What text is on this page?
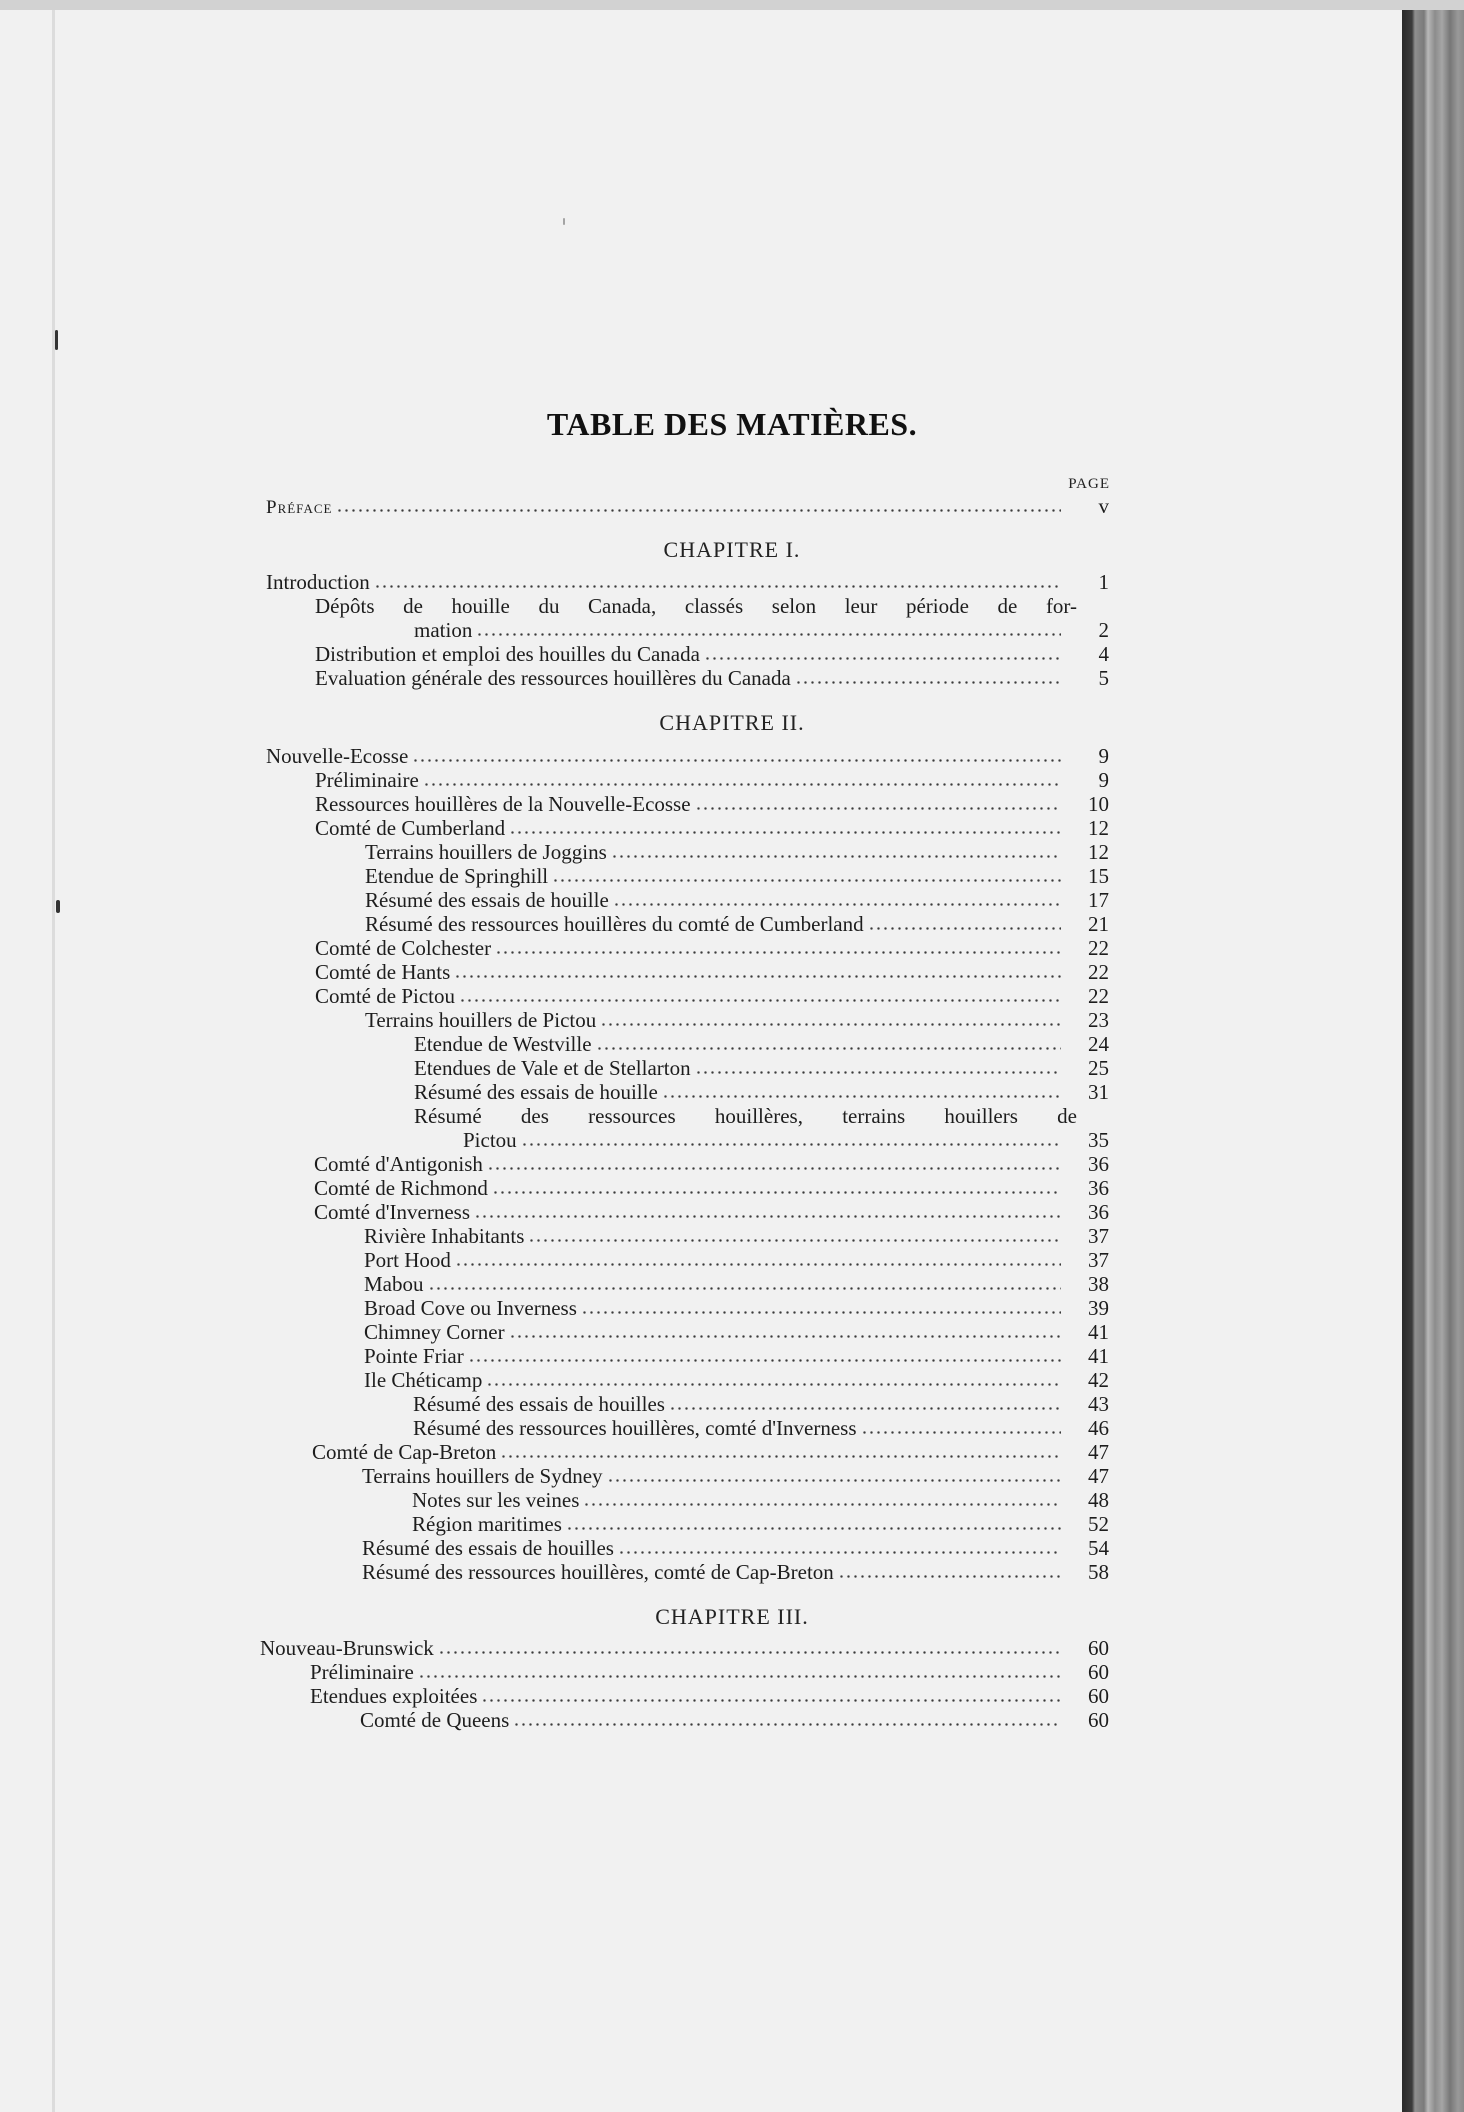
TABLE DES MATIÈRES.
PAGE
Préface	v
CHAPITRE I.
Introduction	1
Dépôts de houille du Canada, classés selon leur période de for-
mation	2
Distribution et emploi des houilles du Canada	4
Evaluation générale des ressources houillères du Canada	5
CHAPITRE II.
Nouvelle-Ecosse	9
Préliminaire	9
Ressources houillères de la Nouvelle-Ecosse	10
Comté de Cumberland	12
Terrains houillers de Joggins	12
Etendue de Springhill	15
Résumé des essais de houille	17
Résumé des ressources houillères du comté de Cumberland	21
Comté de Colchester	22
Comté de Hants	22
Comté de Pictou	22
Terrains houillers de Pictou	23
Etendue de Westville	24
Etendues de Vale et de Stellarton	25
Résumé des essais de houille	31
Résumé des ressources houillères, terrains houillers de
Pictou	35
Comté d'Antigonish	36
Comté de Richmond	36
Comté d'Inverness	36
Rivière Inhabitants	37
Port Hood	37
Mabou	38
Broad Cove ou Inverness	39
Chimney Corner	41
Pointe Friar	41
Ile Chéticamp	42
Résumé des essais de houilles	43
Résumé des ressources houillères, comté d'Inverness	46
Comté de Cap-Breton	47
Terrains houillers de Sydney	47
Notes sur les veines	48
Région maritimes	52
Résumé des essais de houilles	54
Résumé des ressources houillères, comté de Cap-Breton	58
CHAPITRE III.
Nouveau-Brunswick	60
Préliminaire	60
Etendues exploitées	60
Comté de Queens	60
